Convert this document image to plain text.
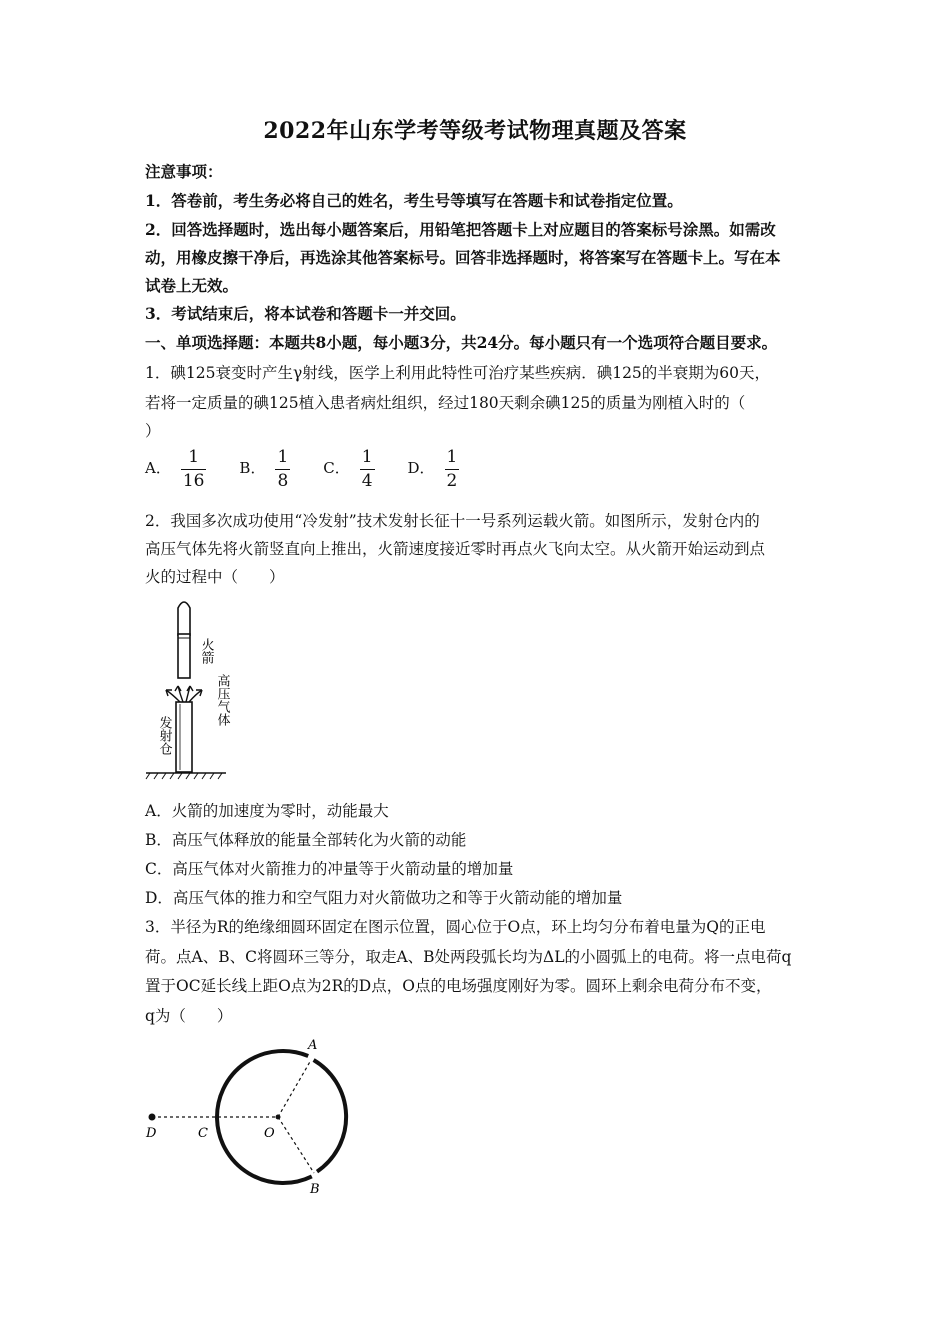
2022年山东学考等级考试物理真题及答案
注意事项：
1．答卷前，考生务必将自己的姓名，考生号等填写在答题卡和试卷指定位置。
2．回答选择题时，选出每小题答案后，用铅笔把答题卡上对应题目的答案标号涂黑。如需改
动，用橡皮擦干净后，再选涂其他答案标号。回答非选择题时，将答案写在答题卡上。写在本
试卷上无效。
3．考试结束后，将本试卷和答题卡一并交回。
一、单项选择题：本题共8小题，每小题3分，共24分。每小题只有一个选项符合题目要求。
1．碘125衰变时产生γ射线，医学上利用此特性可治疗某些疾病．碘125的半衰期为60天，
若将一定质量的碘125植入患者病灶组织，经过180天剩余碘125的质量为刚植入时的（
）
A． $\frac{1}{16}$ B． $\frac{1}{8}$ C． $\frac{1}{4}$ D． $\frac{1}{2}$
2．我国多次成功使用“冷发射”技术发射长征十一号系列运载火箭。如图所示，发射仓内的
高压气体先将火箭竖直向上推出，火箭速度接近零时再点火飞向太空。从火箭开始运动到点
火的过程中（　　）
火箭
高压气体
发射仓
A．火箭的加速度为零时，动能最大
B．高压气体释放的能量全部转化为火箭的动能
C．高压气体对火箭推力的冲量等于火箭动量的增加量
D．高压气体的推力和空气阻力对火箭做功之和等于火箭动能的增加量
3．半径为R的绝缘细圆环固定在图示位置，圆心位于O点，环上均匀分布着电量为Q的正电
荷。点A、B、C将圆环三等分，取走A、B处两段弧长均为ΔL的小圆弧上的电荷。将一点电荷q
置于OC延长线上距O点为2R的D点，O点的电场强度刚好为零。圆环上剩余电荷分布不变，
q为（　　）
A
B
C
D	O
